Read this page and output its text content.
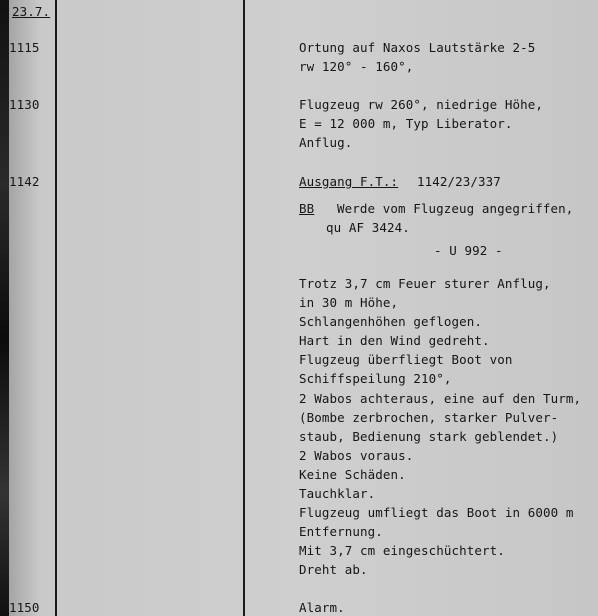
23.7.
1115	Ortung auf Naxos Lautstärke 2-5
rw 120° - 160°,
1130	Flugzeug rw 260°, niedrige Höhe,
E = 12 000 m, Typ Liberator.
Anflug.
1142	Ausgang F.T.: 1142/23/337
BB Werde vom Flugzeug angegriffen,
qu AF 3424.
- U 992 -
Trotz 3,7 cm Feuer sturer Anflug,
in 30 m Höhe,
Schlangenhöhen geflogen.
Hart in den Wind gedreht.
Flugzeug überfliegt Boot von
Schiffspeilung 210°,
2 Wabos achteraus, eine auf den Turm,
(Bombe zerbrochen, starker Pulver-
staub, Bedienung stark geblendet.)
2 Wabos voraus.
Keine Schäden.
Tauchklar.
Flugzeug umfliegt das Boot in 6000 m
Entfernung.
Mit 3,7 cm eingeschüchtert.
Dreht ab.
1150	Alarm.
